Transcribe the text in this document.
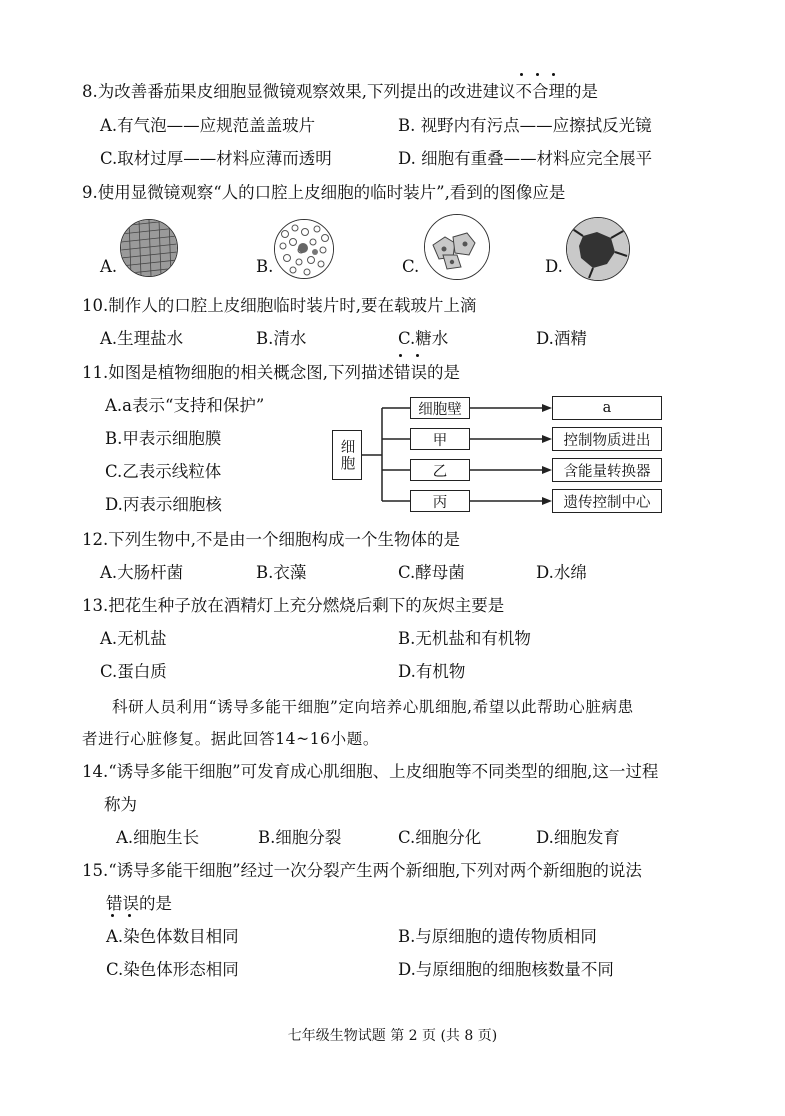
8.为改善番茄果皮细胞显微镜观察效果,下列提出的改进建议
不合理的是
A.有气泡——应规范盖盖玻片	B. 视野内有污点——应擦拭反光镜
C.取材过厚——材料应薄而透明	D. 细胞有重叠——材料应完全展平
9.使用显微镜观察“人的口腔上皮细胞的临时装片”,看到的图像应是
A.	B.	C.	D.
10.制作人的口腔上皮细胞临时装片时,要在载玻片上滴
A.生理盐水	B.清水	C.糖水	D.酒精
11.如图是植物细胞的相关概念图,下列描述
错误的是
A.a表示“支持和保护”
B.甲表示细胞膜
C.乙表示线粒体
D.丙表示细胞核
细胞
细胞壁
甲
乙
丙
a
控制物质进出
含能量转换器
遗传控制中心
12.下列生物中,不是由一个细胞构成一个生物体的是
A.大肠杆菌	B.衣藻	C.酵母菌	D.水绵
13.把花生种子放在酒精灯上充分燃烧后剩下的灰烬主要是
A.无机盐	B.无机盐和有机物
C.蛋白质	D.有机物
科研人员利用“诱导多能干细胞”定向培养心肌细胞,希望以此帮助心脏病患
者进行心脏修复。据此回答14~16小题。
14.“诱导多能干细胞”可发育成心肌细胞、上皮细胞等不同类型的细胞,这一过程
称为
A.细胞生长	B.细胞分裂	C.细胞分化	D.细胞发育
15.“诱导多能干细胞”经过一次分裂产生两个新细胞,下列对两个新细胞的说法
错误的是
A.染色体数目相同	B.与原细胞的遗传物质相同
C.染色体形态相同	D.与原细胞的细胞核数量不同
七年级生物试题 第 2 页 (共 8 页)
